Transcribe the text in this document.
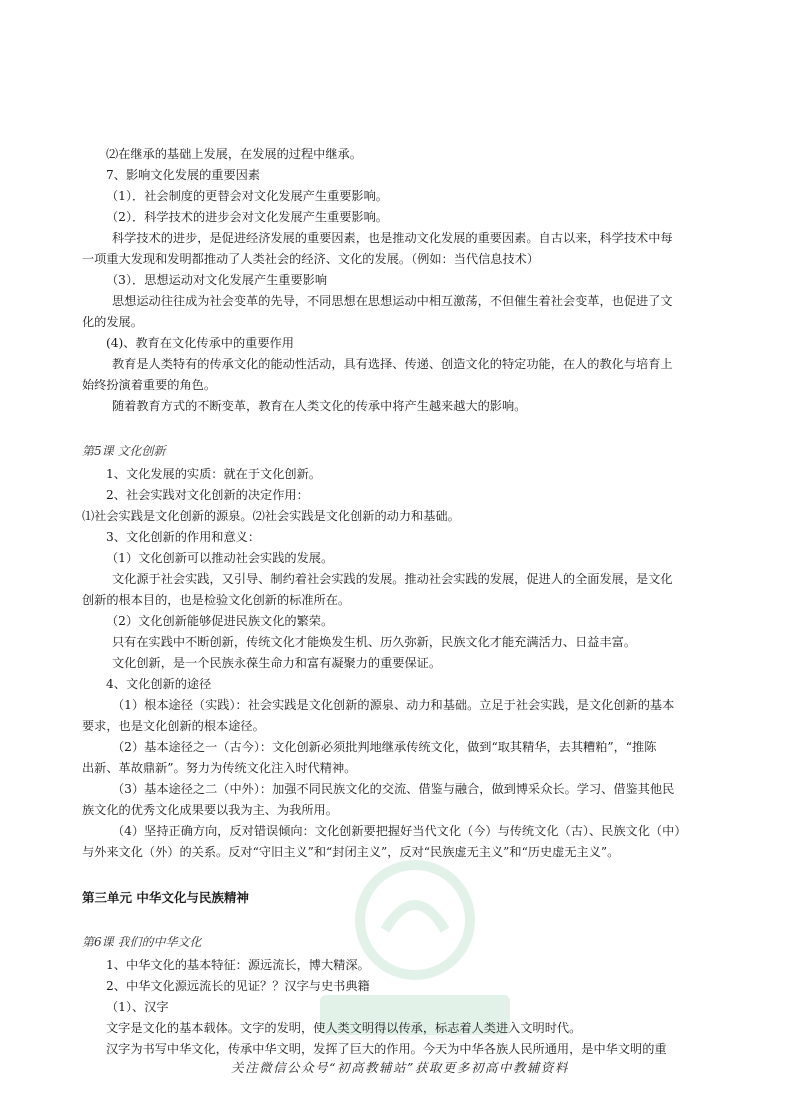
⑵在继承的基础上发展，在发展的过程中继承。
7、影响文化发展的重要因素
（1）．社会制度的更替会对文化发展产生重要影响。
（2）．科学技术的进步会对文化发展产生重要影响。
科学技术的进步，是促进经济发展的重要因素，也是推动文化发展的重要因素。自古以来，科学技术中每
一项重大发现和发明都推动了人类社会的经济、文化的发展。（例如：当代信息技术）
（3）．思想运动对文化发展产生重要影响
思想运动往往成为社会变革的先导，不同思想在思想运动中相互激荡，不但催生着社会变革，也促进了文
化的发展。
(4)、教育在文化传承中的重要作用
教育是人类特有的传承文化的能动性活动，具有选择、传递、创造文化的特定功能，在人的教化与培育上
始终扮演着重要的角色。
随着教育方式的不断变革，教育在人类文化的传承中将产生越来越大的影响。
第5课 文化创新
1、文化发展的实质：就在于文化创新。
2、社会实践对文化创新的决定作用：
⑴社会实践是文化创新的源泉。⑵社会实践是文化创新的动力和基础。
3、文化创新的作用和意义：
（1）文化创新可以推动社会实践的发展。
文化源于社会实践，又引导、制约着社会实践的发展。推动社会实践的发展，促进人的全面发展，是文化
创新的根本目的，也是检验文化创新的标准所在。
（2）文化创新能够促进民族文化的繁荣。
只有在实践中不断创新，传统文化才能焕发生机、历久弥新，民族文化才能充满活力、日益丰富。
文化创新，是一个民族永葆生命力和富有凝聚力的重要保证。
4、文化创新的途径
（1）根本途径（实践）：社会实践是文化创新的源泉、动力和基础。立足于社会实践，是文化创新的基本
要求，也是文化创新的根本途径。
（2）基本途径之一（古今）：文化创新必须批判地继承传统文化，做到“取其精华，去其糟粕”，“推陈
出新、革故鼎新”。努力为传统文化注入时代精神。
（3）基本途径之二（中外）：加强不同民族文化的交流、借鉴与融合，做到博采众长。学习、借鉴其他民
族文化的优秀文化成果要以我为主、为我所用。
（4）坚持正确方向，反对错误倾向：文化创新要把握好当代文化（今）与传统文化（古）、民族文化（中）
与外来文化（外）的关系。反对“守旧主义”和“封闭主义”，反对“民族虚无主义”和“历史虚无主义”。
第三单元 中华文化与民族精神
第6课 我们的中华文化
1、中华文化的基本特征：源远流长，博大精深。
2、中华文化源远流长的见证？？汉字与史书典籍
（1）、汉字
文字是文化的基本载体。文字的发明，使人类文明得以传承，标志着人类进入文明时代。
汉字为书写中华文化，传承中华文明，发挥了巨大的作用。今天为中华各族人民所通用，是中华文明的重
关注微信公众号“初高教辅站”获取更多初高中教辅资料
